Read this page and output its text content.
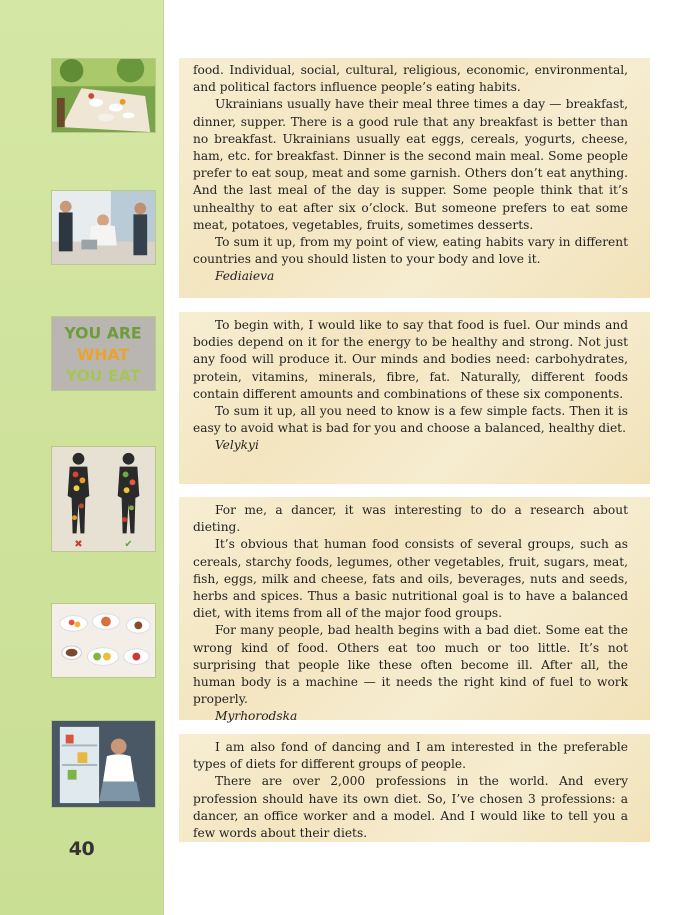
YOU ARE
WHAT
YOU EAT
✖	✔
40

food. Individual, social, cultural, religious, economic, environmental, and political factors influence people’s eating habits.

Ukrainians usually have their meal three times a day — breakfast, dinner, supper. There is a good rule that any breakfast is better than no breakfast. Ukrainians usually eat eggs, cereals, yogurts, cheese, ham, etc. for breakfast. Dinner is the second main meal. Some people prefer to eat soup, meat and some garnish. Others don’t eat anything. And the last meal of the day is supper. Some people think that it’s unhealthy to eat after six o’clock. But someone prefers to eat some meat, potatoes, vegetables, fruits, sometimes desserts.

To sum it up, from my point of view, eating habits vary in different countries and you should listen to your body and love it.

Fediaieva

To begin with, I would like to say that food is fuel. Our minds and bodies depend on it for the energy to be healthy and strong. Not just any food will produce it. Our minds and bodies need: carbohydrates, protein, vitamins, minerals, fibre, fat. Naturally, different foods contain different amounts and combinations of these six components.

To sum it up, all you need to know is a few simple facts. Then it is easy to avoid what is bad for you and choose a balanced, healthy diet.

Velykyi

For me, a dancer, it was interesting to do a research about dieting.

It’s obvious that human food consists of several groups, such as cereals, starchy foods, legumes, other vegetables, fruit, sugars, meat, fish, eggs, milk and cheese, fats and oils, beverages, nuts and seeds, herbs and spices. Thus a basic nutritional goal is to have a balanced diet, with items from all of the major food groups.

For many people, bad health begins with a bad diet. Some eat the wrong kind of food. Others eat too much or too little. It’s not surprising that people like these often become ill. After all, the human body is a machine — it needs the right kind of fuel to work properly.

Myrhorodska

I am also fond of dancing and I am interested in the preferable types of diets for different groups of people.

There are over 2,000 professions in the world. And every profession should have its own diet. So, I’ve chosen 3 professions: a dancer, an office worker and a model. And I would like to tell you a few words about their diets.
